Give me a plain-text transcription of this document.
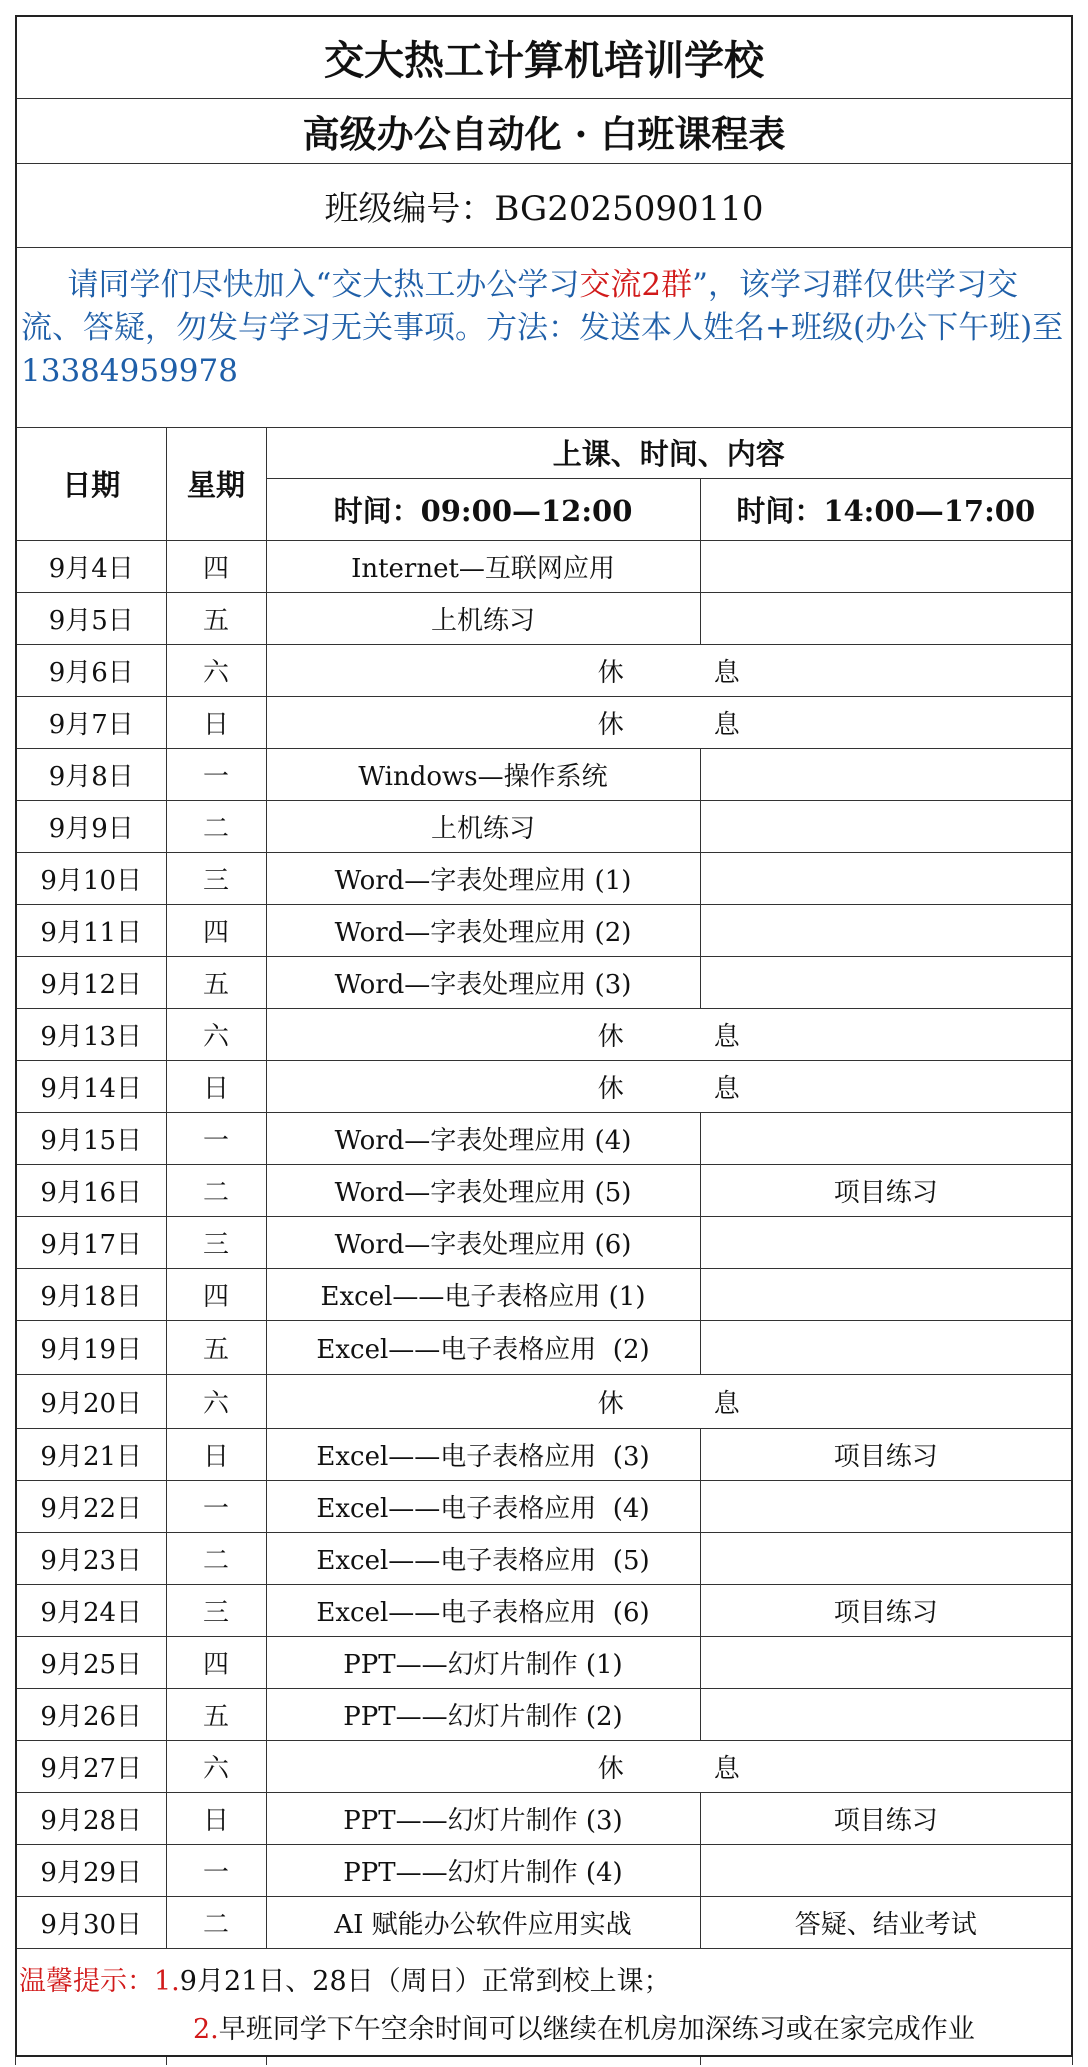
交大热工计算机培训学校
高级办公自动化 · 白班课程表
班级编号：BG2025090110
  请同学们尽快加入“交大热工办公学习交流2群”，该学习群仅供学习交流、答疑，勿发与学习无关事项。方法：发送本人姓名+班级(办公下午班)至13384959978
日期	星期	上课、时间、内容	
		时间：09:00—12:00	时间：14:00—17:00
9月4日	四	Internet—互联网应用	
9月5日	五	上机练习	
9月6日	六	休 息	
9月7日	日	休 息	
9月8日	一	Windows—操作系统	
9月9日	二	上机练习	
9月10日	三	Word—字表处理应用 (1)	
9月11日	四	Word—字表处理应用 (2)	
9月12日	五	Word—字表处理应用 (3)	
9月13日	六	休 息	
9月14日	日	休 息	
9月15日	一	Word—字表处理应用 (4)	
9月16日	二	Word—字表处理应用 (5)	项目练习
9月17日	三	Word—字表处理应用 (6)	
9月18日	四	Excel——电子表格应用 (1)	
9月19日	五	Excel——电子表格应用  (2)	
9月20日	六	休 息	
9月21日	日	Excel——电子表格应用  (3)	项目练习
9月22日	一	Excel——电子表格应用  (4)	
9月23日	二	Excel——电子表格应用  (5)	
9月24日	三	Excel——电子表格应用  (6)	项目练习
9月25日	四	PPT——幻灯片制作 (1)	
9月26日	五	PPT——幻灯片制作 (2)	
9月27日	六	休 息	
9月28日	日	PPT——幻灯片制作 (3)	项目练习
9月29日	一	PPT——幻灯片制作 (4)	
9月30日	二	AI 赋能办公软件应用实战	答疑、结业考试
温馨提示：1.9月21日、28日（周日）正常到校上课；
2.早班同学下午空余时间可以继续在机房加深练习或在家完成作业
